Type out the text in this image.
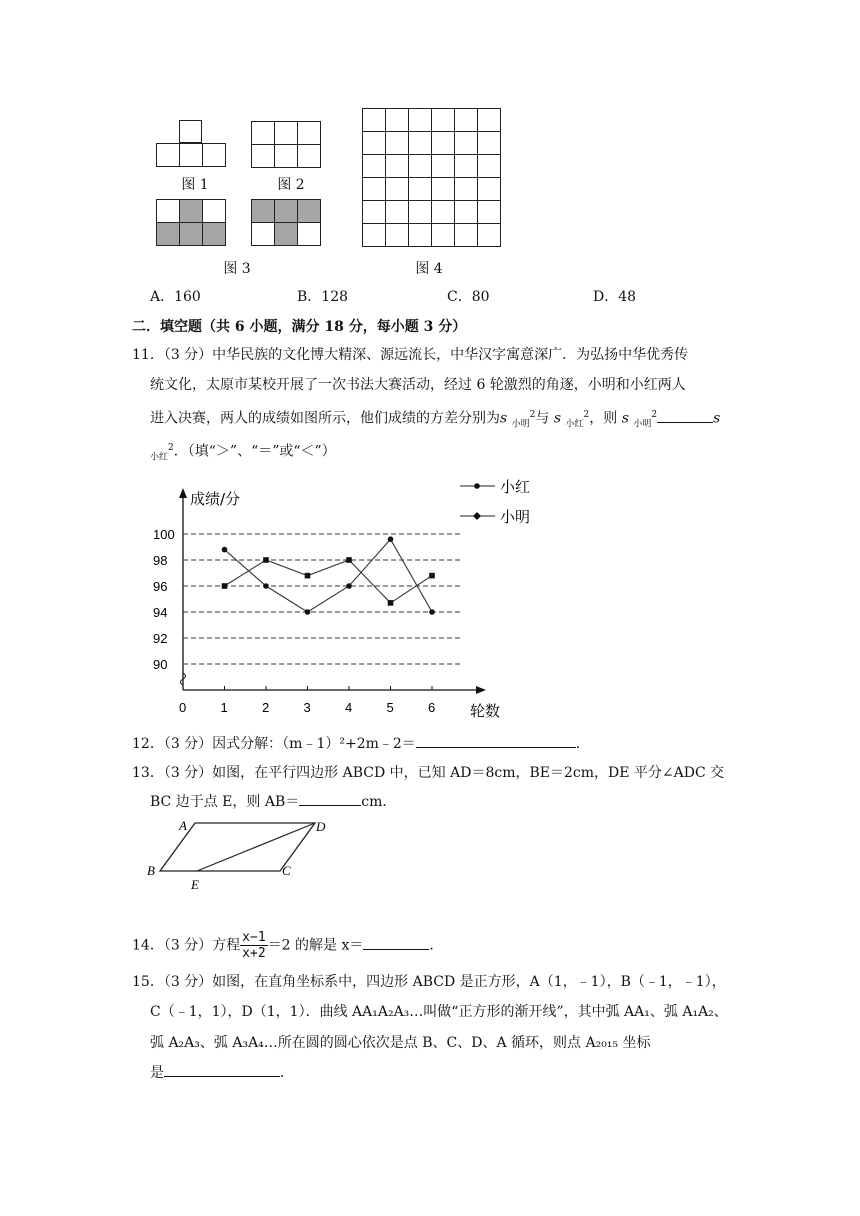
图 1

			图 2

图 3

						图 4
A．160	B．128	C．80	D．48
二．填空题（共 6 小题，满分 18 分，每小题 3 分）
11．（3 分）中华民族的文化博大精深、源远流长，中华汉字寓意深广．为弘扬中华优秀传
统文化，太原市某校开展了一次书法大赛活动，经过 6 轮激烈的角逐，小明和小红两人
进入决赛，两人的成绩如图所示，他们成绩的方差分别为s $_{小明}^2$与 s $_{小红}^2$，则 s $_{小明}^2$	s
$_{小红}^2$．（填“＞”、“＝”或“＜”）
90
92
94
96
98
100
0	1	2	3	4	5	6
成绩/分
轮数
小红
小明
12．（3 分）因式分解：（m﹣1）²+2m﹣2＝	．
13．（3 分）如图，在平行四边形 ABCD 中，已知 AD＝8cm，BE＝2cm，DE 平分∠ADC 交
BC 边于点 E，则 AB＝	cm．
A	D
B	C
E
14．（3 分）方程 $\frac{x-1}{x+2} =2$ 的解是 x＝	．
15．（3 分）如图，在直角坐标系中，四边形 ABCD 是正方形，A（1，﹣1），B（﹣1，﹣1），
C（﹣1，1），D（1，1）．曲线 AA₁A₂A₃…叫做“正方形的渐开线”，其中弧 AA₁、弧 A₁A₂、
弧 A₂A₃、弧 A₃A₄…所在圆的圆心依次是点 B、C、D、A 循环，则点 A₂₀₁₅ 坐标
是	．
